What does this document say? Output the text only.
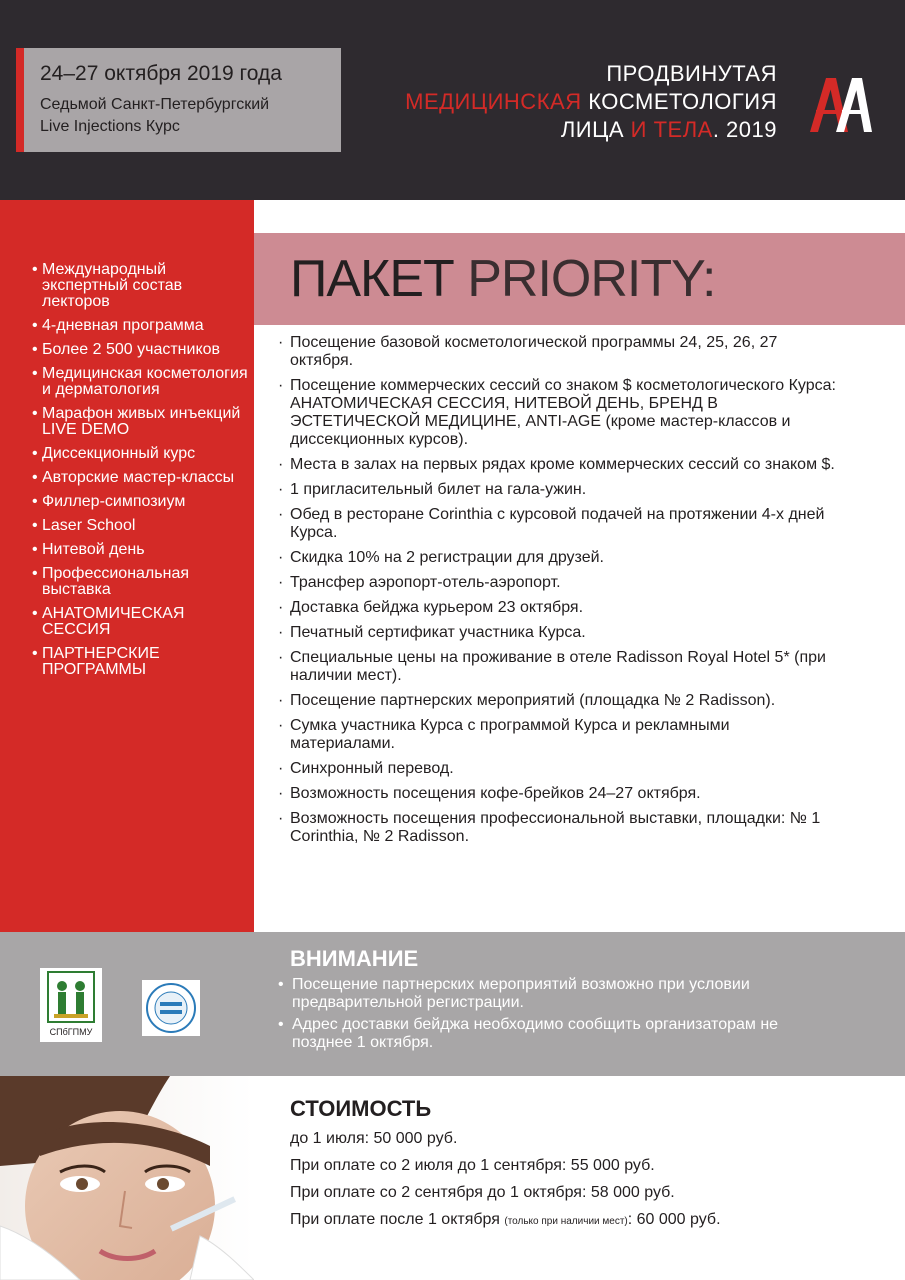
24–27 октября 2019 года
Седьмой Санкт-Петербургский
Live Injections Курс
ПРОДВИНУТАЯ
МЕДИЦИНСКАЯ КОСМЕТОЛОГИЯ
ЛИЦА И ТЕЛА. 2019
• Международный экспертный состав лекторов
• 4-дневная программа
• Более 2 500 участников
• Медицинская косметология и дерматология
• Марафон живых инъекций LIVE DEMO
• Диссекционный курс
• Авторские мастер-классы
• Филлер-симпозиум
• Laser School
• Нитевой день
• Профессиональная выставка
• АНАТОМИЧЕСКАЯ СЕССИЯ
• ПАРТНЕРСКИЕ ПРОГРАММЫ
ПАКЕТ PRIORITY:
· Посещение базовой косметологической программы 24, 25, 26, 27 октября.
· Посещение коммерческих сессий со знаком $ косметологического Курса: АНАТОМИЧЕСКАЯ СЕССИЯ, НИТЕВОЙ ДЕНЬ, БРЕНД В ЭСТЕТИЧЕСКОЙ МЕДИЦИНЕ, ANTI-AGE (кроме мастер-классов и диссекционных курсов).
· Места в залах на первых рядах кроме коммерческих сессий со знаком $.
· 1 пригласительный билет на гала-ужин.
· Обед в ресторане Corinthia с курсовой подачей на протяжении 4-х дней Курса.
· Скидка 10% на 2 регистрации для друзей.
· Трансфер аэропорт-отель-аэропорт.
· Доставка бейджа курьером 23 октября.
· Печатный сертификат участника Курса.
· Специальные цены на проживание в отеле Radisson Royal Hotel 5* (при наличии мест).
· Посещение партнерских мероприятий (площадка № 2 Radisson).
· Сумка участника Курса с программой Курса и рекламными материалами.
· Синхронный перевод.
· Возможность посещения кофе-брейков 24–27 октября.
· Возможность посещения профессиональной выставки, площадки: № 1 Corinthia, № 2 Radisson.
СПбГПМУ
ВНИМАНИЕ
• Посещение партнерских мероприятий возможно при условии предварительной регистрации.
• Адрес доставки бейджа необходимо сообщить организаторам не позднее 1 октября.
СТОИМОСТЬ
до 1 июля: 50 000 руб.
При оплате со 2 июля до 1 сентября: 55 000 руб.
При оплате со 2 сентября до 1 октября: 58 000 руб.
При оплате после 1 октября (только при наличии мест): 60 000 руб.
